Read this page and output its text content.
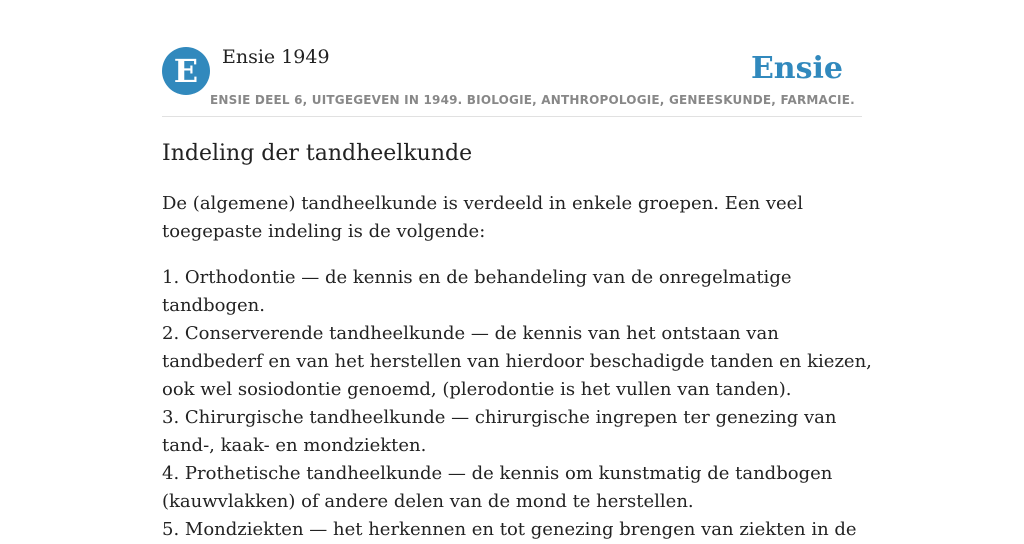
E	Ensie 1949	Ensie
ENSIE DEEL 6, UITGEGEVEN IN 1949. BIOLOGIE, ANTHROPOLOGIE, GENEESKUNDE, FARMACIE.
Indeling der tandheelkunde

De (algemene) tandheelkunde is verdeeld in enkele groepen. Een veel toegepaste indeling is de volgende:

1. Orthodontie — de kennis en de behandeling van de onregelmatige tandbogen.

2. Conserverende tandheelkunde — de kennis van het ontstaan van tandbederf en van het herstellen van hierdoor beschadigde tanden en kiezen, ook wel sosiodontie genoemd, (plerodontie is het vullen van tanden).

3. Chirurgische tandheelkunde — chirurgische ingrepen ter genezing van tand-, kaak- en mondziekten.

4. Prothetische tandheelkunde — de kennis om kunstmatig de tandbogen (kauwvlakken) of andere delen van de mond te herstellen.

5. Mondziekten — het herkennen en tot genezing brengen van ziekten in de
